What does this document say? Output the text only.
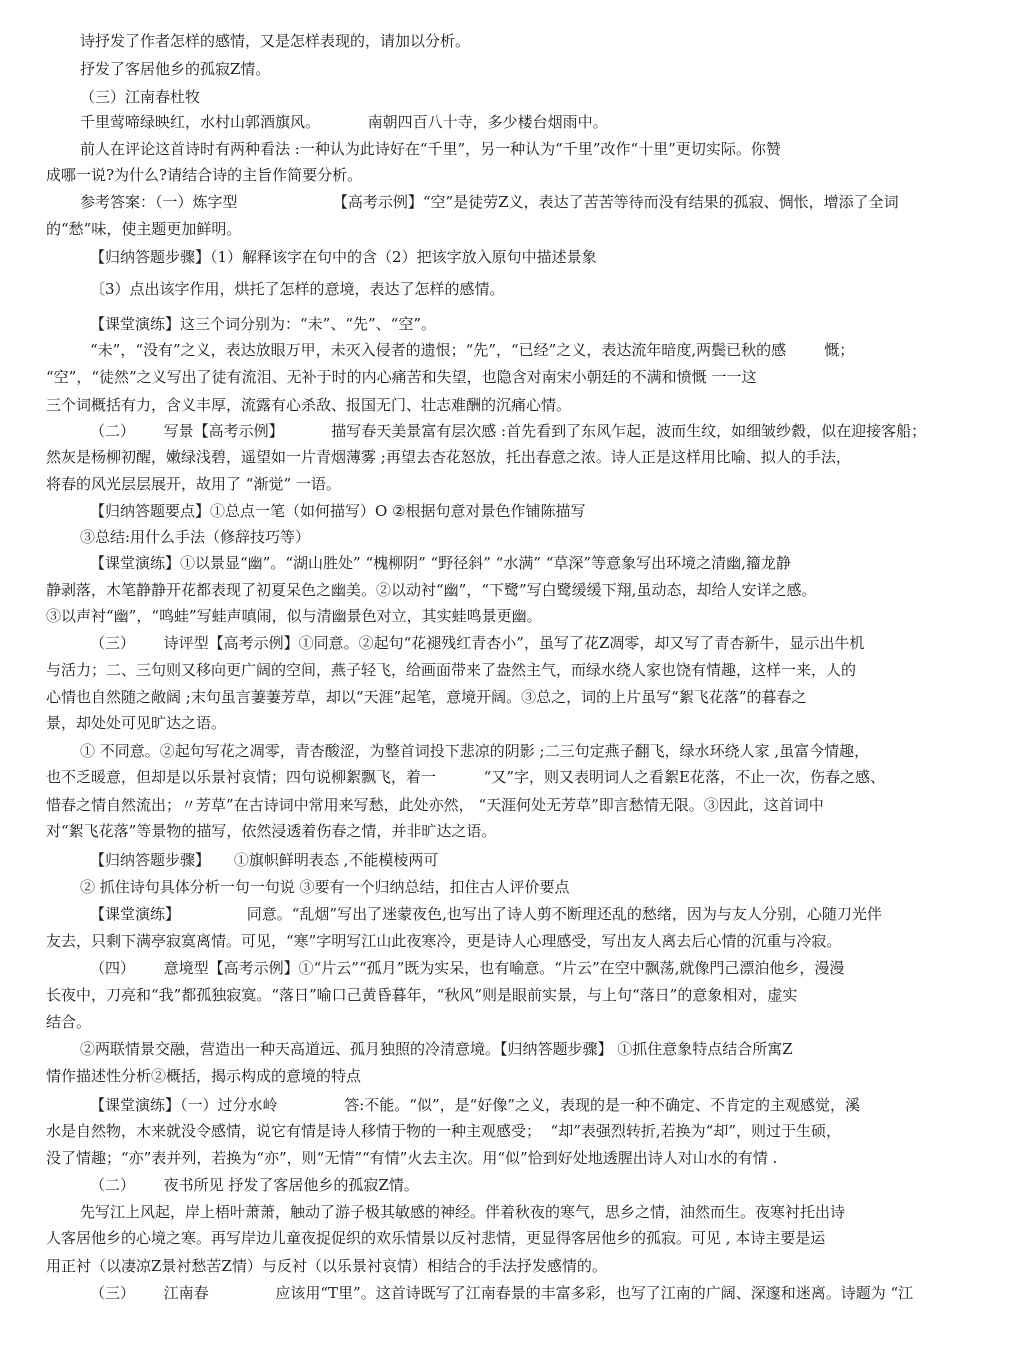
诗抒发了作者怎样的感情，又是怎样表现的，请加以分析。
抒发了客居他乡的孤寂Z情。
（三）江南春杜牧
千里莺啼绿映红，水村山郭酒旗风。          南朝四百八十寺，多少楼台烟雨中。
前人在评论这首诗时有两种看法 :一种认为此诗好在“千里”，另一种认为“千里”改作“十里”更切实际。你赞
成哪一说?为什么?请结合诗的主旨作简要分析。
参考答案：（一）炼字型                    【高考示例】“空”是徒劳Z义，表达了苦苦等待而没有结果的孤寂、惆怅，增添了全词
的“愁”味，使主题更加鲜明。
【归纳答题步骤】（1）解释该字在句中的含（2）把该字放入原句中描述景象
〔3）点出该字作用，烘托了怎样的意境，表达了怎样的感情。
【课堂演练】这三个词分别为：“未”、“先”、“空”。
“未”，“没有”之义，表达放眼万甲，未灭入侵者的遗恨；“先”，“已经”之义，表达流年暗度,两鬓已秋的感        慨；
“空”，“徒然”之义写出了徒有流泪、无补于时的内心痛苦和失望，也隐含对南宋小朝廷的不满和愤慨 一一这
三个词概括有力，含义丰厚，流露有心杀敌、报国无门、壮志难酬的沉痛心情。
（二）      写景【高考示例】          描写春天美景富有层次感 :首先看到了东风乍起，波而生纹，如细皱纱縠，似在迎接客船；
然灰是杨柳初醒，嫩绿浅碧，遥望如一片青烟薄雾 ;再望去杏花怒放，托出春意之浓。诗人正是这样用比喻、拟人的手法，
将春的风光层层展开，故用了 “渐觉” 一语。
【归纳答题要点】①总点一笔（如何描写）O ②根据句意对景色作铺陈描写
③总结:用什么手法（修辞技巧等）
【课堂演练】①以景显“幽”。“湖山胜处” “槐柳阴” “野径斜” “水满” “草深”等意象写出环境之清幽,籀龙静
静剥落，木笔静静开花都表现了初夏呆色之幽美。②以动衬“幽”，“下鹭”写白鹭缓缓下翔,虽动态，却给人安详之感。
③以声衬“幽”，“鸣蛙”写蛙声嗔闹，似与清幽景色对立，其实蛙鸣景更幽。
（三）      诗评型【高考示例】①同意。②起句“花褪残红青杏小”，虽写了花Z凋零，却又写了青杏新牛，显示出牛机
与活力；二、三句则又移向更广阔的空间，燕子轻飞，给画面带来了盎然主气，而绿水绕人家也饶有情趣，这样一来，人的
心情也自然随之敞阔 ;末句虽言萋萋芳草，却以“天涯”起笔，意境开阔。③总之，词的上片虽写“絮飞花落”的暮春之
景，却处处可见旷达之语。
① 不同意。②起句写花之凋零，青杏酸涩，为整首词投下悲凉的阴影 ;二三句定燕子翻飞，绿水环绕人家 ,虽富今情趣，
也不乏暖意，但却是以乐景衬哀情；四句说柳絮飘飞，着一          “又”字，则又表明词人之看絮E花落，不止一次，伤春之感、
惜春之情自然流出；〃芳草”在古诗词中常用来写愁，此处亦然， “天涯何处无芳草”即言愁情无限。③因此，这首词中
对“絮飞花落”等景物的描写，依然浸透着伤春之情，并非旷达之语。
【归纳答题步骤】     ①旗帜鲜明表态 ,不能模棱两可
② 抓住诗句具体分析一句一句说 ③要有一个归纳总结，扣住古人评价要点
【课堂演练】              同意。“乱烟”写出了迷蒙夜色,也写出了诗人剪不断理还乱的愁绪，因为与友人分别，心随刀光伴
友去，只剩下满亭寂寞离情。可见，“寒”字明写江山此夜寒冷，更是诗人心理感受，写出友人离去后心情的沉重与冷寂。
（四）      意境型【高考示例】①“片云”“孤月”既为实呆，也有喻意。“片云”在空中飘荡,就像門己漂泊他乡，漫漫
长夜中，刀亮和“我”都孤独寂寞。“落日”喻口己黄昏暮年，“秋风”则是眼前实景，与上句“落日”的意象相对，虚实
结合。
②两联情景交融，营造出一种天高道远、孤月独照的冷清意境。【归纳答题步骤】 ①抓住意象特点结合所寓Z
情作描述性分析②概括，揭示构成的意境的特点
【课堂演练】（一）过分水岭              答:不能。“似”，是“好像”之义，表现的是一种不确定、不肯定的主观感觉，溪
水是自然物，木来就没令感情，说它有情是诗人移情于物的一种主观感受；  “却”表强烈转折,若换为“却”，则过于生硕，
没了情趣；“亦”表并列，若换为“亦”，则“无情”“有情”火去主次。用“似”恰到好处地透腥出诗人对山水的有情 .
（二）      夜书所见 抒发了客居他乡的孤寂Z情。
先写江上风起，岸上梧叶萧萧，触动了游子极其敏感的神经。伴着秋夜的寒气，思乡之情，油然而生。夜寒衬托出诗
人客居他乡的心境之寒。再写岸边儿童夜捉促织的欢乐情景以反衬悲情，更显得客居他乡的孤寂。可见 , 本诗主要是运
用正衬（以凄凉Z景衬愁苦Z情）与反衬（以乐景衬哀情）相结合的手法抒发感情的。
（三）      江南春              应该用“T里”。这首诗既写了江南春景的丰富多彩，也写了江南的广阔、深邃和迷离。诗题为 “江
